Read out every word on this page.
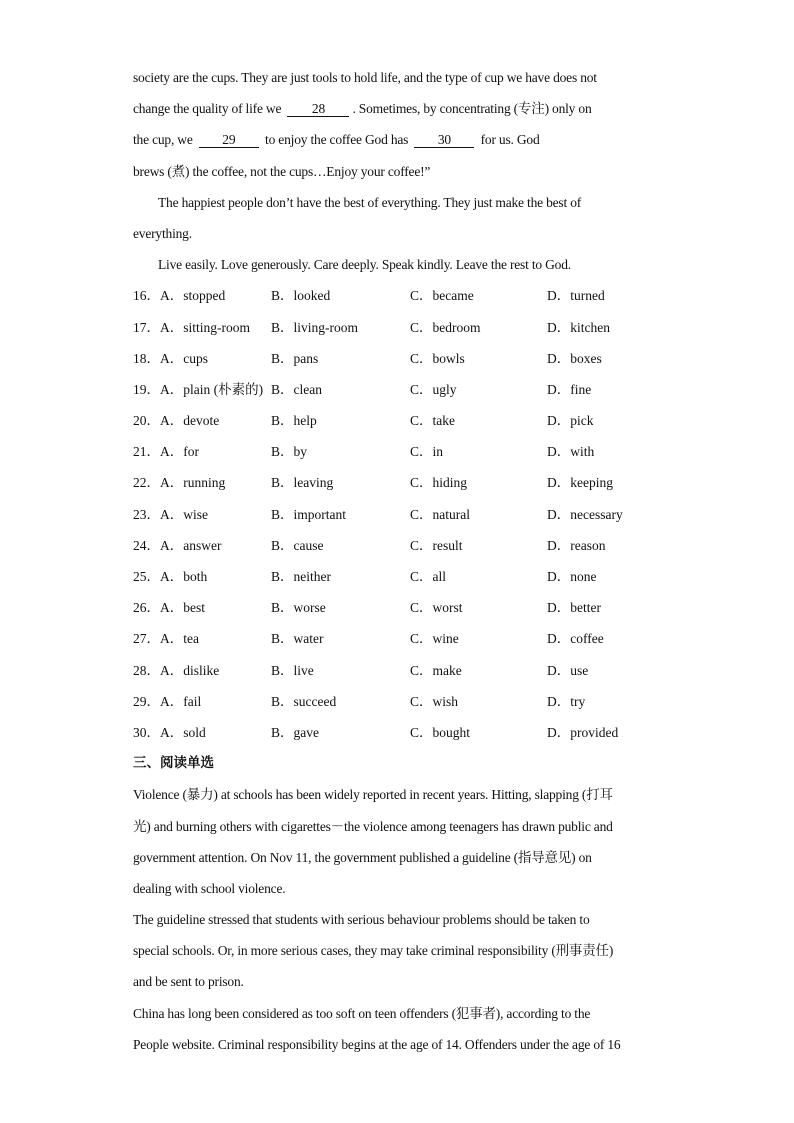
society are the cups. They are just tools to hold life, and the type of cup we have does not
change the quality of life we 28 . Sometimes, by concentrating (专注) only on
the cup, we 29 to enjoy the coffee God has 30 for us. God
brews (煮) the coffee, not the cups…Enjoy your coffee!”
The happiest people don’t have the best of everything. They just make the best of
everything.
Live easily. Love generously. Care deeply. Speak kindly. Leave the rest to God.
16．A．stopped	B．looked	C．became	D．turned
17．A．sitting-room B．living-room	C．bedroom	D．kitchen
18．A．cups	B．pans	C．bowls	D．boxes
19．A．plain (朴素的) B．clean	C．ugly	D．fine
20．A．devote	B．help	C．take	D．pick
21．A．for	B．by	C．in	D．with
22．A．running	B．leaving	C．hiding	D．keeping
23．A．wise	B．important	C．natural	D．necessary
24．A．answer	B．cause	C．result	D．reason
25．A．both	B．neither	C．all	D．none
26．A．best	B．worse	C．worst	D．better
27．A．tea	B．water	C．wine	D．coffee
28．A．dislike	B．live	C．make	D．use
29．A．fail	B．succeed	C．wish	D．try
30．A．sold	B．gave	C．bought	D．provided
三、阅读单选
Violence (暴力) at schools has been widely reported in recent years. Hitting, slapping (打耳
光) and burning others with cigarettes－the violence among teenagers has drawn public and
government attention. On Nov 11, the government published a guideline (指导意见) on
dealing with school violence.
The guideline stressed that students with serious behaviour problems should be taken to
special schools. Or, in more serious cases, they may take criminal responsibility (刑事责任)
and be sent to prison.
China has long been considered as too soft on teen offenders (犯事者), according to the
People website. Criminal responsibility begins at the age of 14. Offenders under the age of 16
